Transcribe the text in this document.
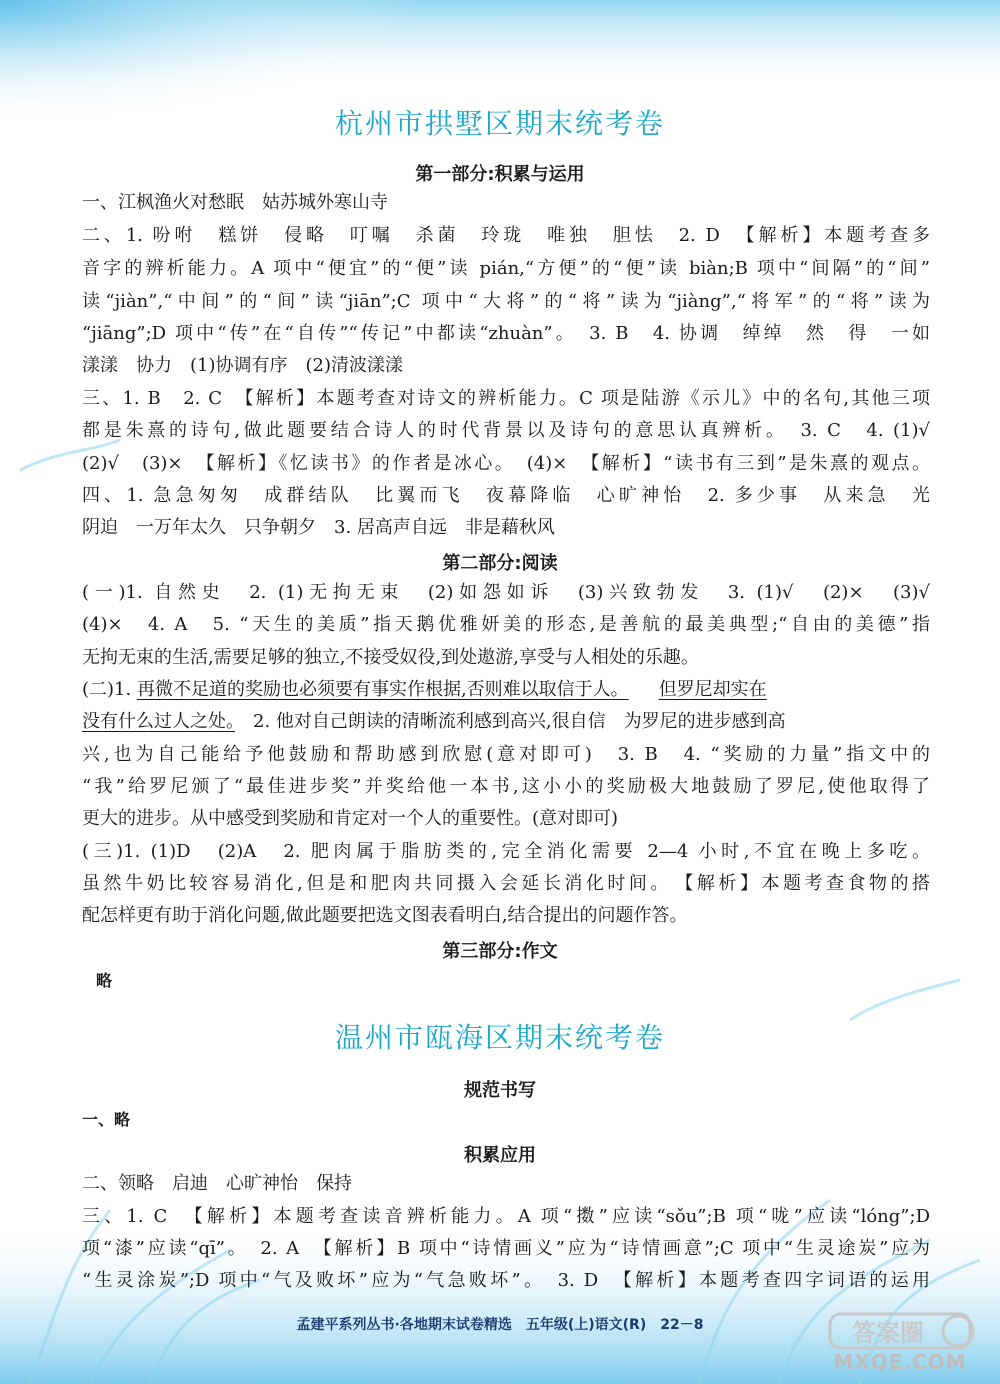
杭州市拱墅区期末统考卷
第一部分:积累与运用
一、江枫渔火对愁眠　姑苏城外寒山寺
二、1. 吩咐　糕饼　侵略　叮嘱　杀菌　玲珑　唯独　胆怯　2. D　【解析】本题考查多
音字的辨析能力。A 项中“便宜”的“便”读 pián,“方便”的“便”读 biàn;B 项中“间隔”的“间”
读“jiàn”,“中间”的“间”读“jiān”;C 项中“大将”的“将”读为“jiàng”,“将军”的“将”读为
“jiāng”;D 项中“传”在“自传”“传记”中都读“zhuàn”。　3. B　4. 协调　绰绰　然　得　一如
漾漾　协力　(1)协调有序　(2)清波漾漾
三、1. B　2. C　【解析】本题考查对诗文的辨析能力。C 项是陆游《示儿》中的名句,其他三项
都是朱熹的诗句,做此题要结合诗人的时代背景以及诗句的意思认真辨析。　3. C　4. (1)√
(2)√　(3)×　【解析】《忆读书》的作者是冰心。　(4)×　【解析】“读书有三到”是朱熹的观点。
四、1. 急急匆匆　成群结队　比翼而飞　夜幕降临　心旷神怡　2. 多少事　从来急　光
阴迫　一万年太久　只争朝夕　3. 居高声自远　非是藉秋风
第二部分:阅读
(一)1. 自然史　2. (1)无拘无束　(2)如怨如诉　(3)兴致勃发　3. (1)√　(2)×　(3)√
(4)×　4. A　5. “天生的美质”指天鹅优雅妍美的形态,是善航的最美典型;“自由的美德”指
无拘无束的生活,需要足够的独立,不接受奴役,到处遨游,享受与人相处的乐趣。
(二)1. 再微不足道的奖励也必须要有事实作根据,否则难以取信于人。 但罗尼却实在
没有什么过人之处。　2. 他对自己朗读的清晰流利感到高兴,很自信　为罗尼的进步感到高
兴,也为自己能给予他鼓励和帮助感到欣慰(意对即可)　3. B　4. “奖励的力量”指文中的
“我”给罗尼颁了“最佳进步奖”并奖给他一本书,这小小的奖励极大地鼓励了罗尼,使他取得了
更大的进步。从中感受到奖励和肯定对一个人的重要性。(意对即可)
(三)1. (1)D　(2)A　2. 肥肉属于脂肪类的,完全消化需要 2—4 小时,不宜在晚上多吃。
虽然牛奶比较容易消化,但是和肥肉共同摄入会延长消化时间。　【解析】本题考查食物的搭
配怎样更有助于消化问题,做此题要把选文图表看明白,结合提出的问题作答。
第三部分:作文
略
温州市瓯海区期末统考卷
规范书写
一、略
积累应用
二、领略　启迪　心旷神怡　保持
三、1. C　【解析】本题考查读音辨析能力。A 项“擞”应读“sǒu”;B 项“咙”应读“lóng”;D
项“漆”应读“qī”。　2. A　【解析】B 项中“诗情画义”应为“诗情画意”;C 项中“生灵途炭”应为
“生灵涂炭”;D 项中“气及败坏”应为“气急败坏”。　3. D　【解析】本题考查四字词语的运用
孟建平系列丛书·各地期末试卷精选　五年级(上)语文(R)　22－8	答案圈
MXQE.COM
